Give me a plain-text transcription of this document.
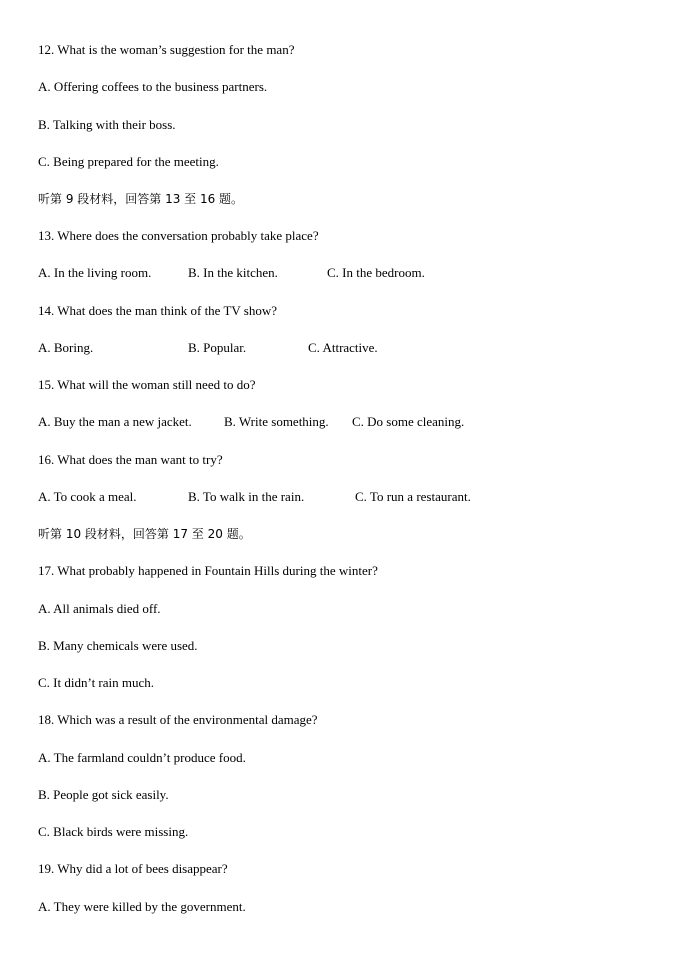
12. What is the woman’s suggestion for the man?
A. Offering coffees to the business partners.
B. Talking with their boss.
C. Being prepared for the meeting.
听第 9 段材料，回答第 13 至 16 题。
13. Where does the conversation probably take place?
A. In the living room.	B. In the kitchen.	C. In the bedroom.
14. What does the man think of the TV show?
A. Boring.	B. Popular.	C. Attractive.
15. What will the woman still need to do?
A. Buy the man a new jacket. B. Write something. C. Do some cleaning.
16. What does the man want to try?
A. To cook a meal.	B. To walk in the rain.	C. To run a restaurant.
听第 10 段材料，回答第 17 至 20 题。
17. What probably happened in Fountain Hills during the winter?
A. All animals died off.
B. Many chemicals were used.
C. It didn’t rain much.
18. Which was a result of the environmental damage?
A. The farmland couldn’t produce food.
B. People got sick easily.
C. Black birds were missing.
19. Why did a lot of bees disappear?
A. They were killed by the government.
